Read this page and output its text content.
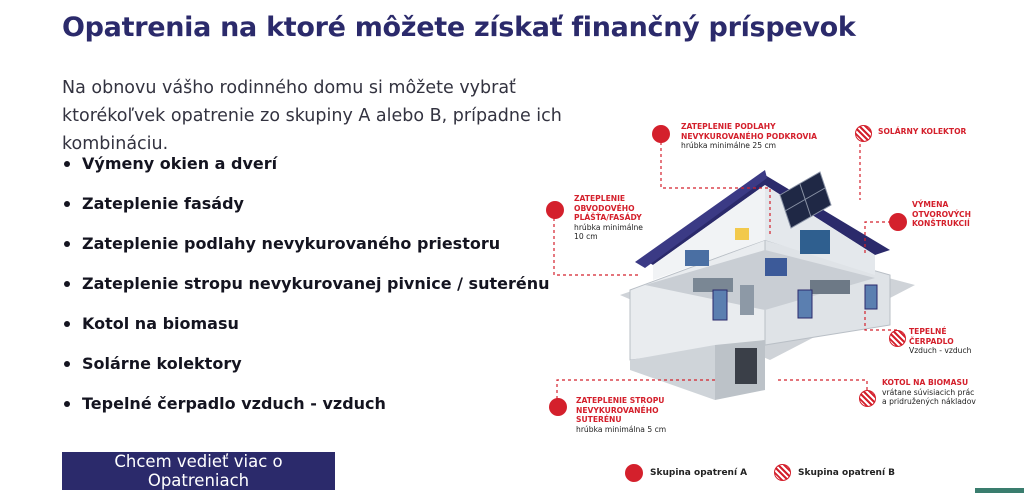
Opatrenia na ktoré môžete získať finančný príspevok

Na obnovu vášho rodinného domu si môžete vybrať ktorékoľvek opatrenie zo skupiny A alebo B, prípadne ich kombináciu.

Výmeny okien a dverí
Zateplenie fasády
Zateplenie podlahy nevykurovaného priestoru
Zateplenie stropu nevykurovanej pivnice / suterénu
Kotol na biomasu
Solárne kolektory
Tepelné čerpadlo vzduch - vzduch
Chcem vedieť viac o Opatreniach
ZATEPLENIE PODLAHY NEVYKUROVANÉHO PODKROVIA
hrúbka minimálne 25 cm
SOLÁRNY KOLEKTOR
ZATEPLENIE OBVODOVÉHO PLÁŠŤA/FASÁDY
hrúbka minimálne 10 cm
VÝMENA OTVOROVÝCH KONŠTRUKCIÍ
TEPELNÉ ČERPADLO
Vzduch - vzduch
KOTOL NA BIOMASU
vrátane súvisiacich prác a pridružených nákladov
ZATEPLENIE STROPU NEVYKUROVANÉHO SUTERÉNU
hrúbka minimálna 5 cm
Skupina opatrení A	Skupina opatrení B
